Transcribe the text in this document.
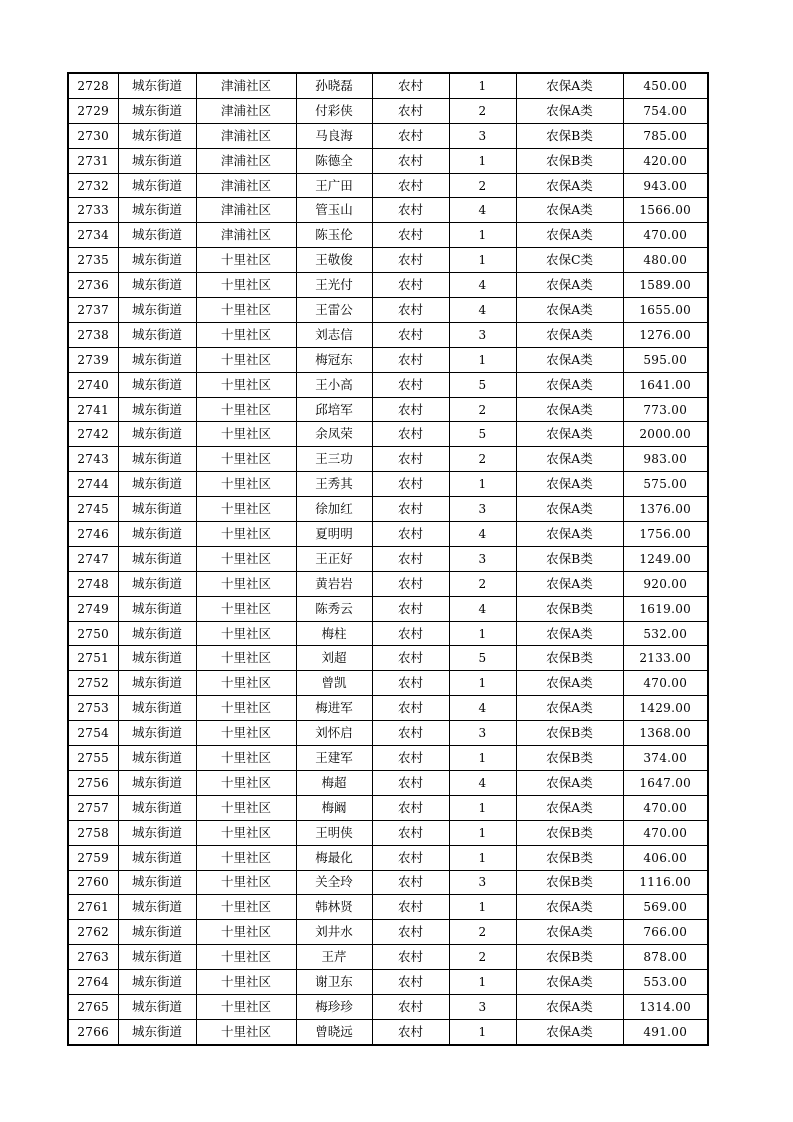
2728	城东街道	津浦社区	孙晓磊	农村	1	农保A类	450.00
2729	城东街道	津浦社区	付彩侠	农村	2	农保A类	754.00
2730	城东街道	津浦社区	马良海	农村	3	农保B类	785.00
2731	城东街道	津浦社区	陈德全	农村	1	农保B类	420.00
2732	城东街道	津浦社区	王广田	农村	2	农保A类	943.00
2733	城东街道	津浦社区	管玉山	农村	4	农保A类	1566.00
2734	城东街道	津浦社区	陈玉伦	农村	1	农保A类	470.00
2735	城东街道	十里社区	王敬俊	农村	1	农保C类	480.00
2736	城东街道	十里社区	王光付	农村	4	农保A类	1589.00
2737	城东街道	十里社区	王雷公	农村	4	农保A类	1655.00
2738	城东街道	十里社区	刘志信	农村	3	农保A类	1276.00
2739	城东街道	十里社区	梅冠东	农村	1	农保A类	595.00
2740	城东街道	十里社区	王小高	农村	5	农保A类	1641.00
2741	城东街道	十里社区	邱培军	农村	2	农保A类	773.00
2742	城东街道	十里社区	余凤荣	农村	5	农保A类	2000.00
2743	城东街道	十里社区	王三功	农村	2	农保A类	983.00
2744	城东街道	十里社区	王秀其	农村	1	农保A类	575.00
2745	城东街道	十里社区	徐加红	农村	3	农保A类	1376.00
2746	城东街道	十里社区	夏明明	农村	4	农保A类	1756.00
2747	城东街道	十里社区	王正好	农村	3	农保B类	1249.00
2748	城东街道	十里社区	黄岩岩	农村	2	农保A类	920.00
2749	城东街道	十里社区	陈秀云	农村	4	农保B类	1619.00
2750	城东街道	十里社区	梅柱	农村	1	农保A类	532.00
2751	城东街道	十里社区	刘超	农村	5	农保B类	2133.00
2752	城东街道	十里社区	曾凯	农村	1	农保A类	470.00
2753	城东街道	十里社区	梅进军	农村	4	农保A类	1429.00
2754	城东街道	十里社区	刘怀启	农村	3	农保B类	1368.00
2755	城东街道	十里社区	王建军	农村	1	农保B类	374.00
2756	城东街道	十里社区	梅超	农村	4	农保A类	1647.00
2757	城东街道	十里社区	梅阚	农村	1	农保A类	470.00
2758	城东街道	十里社区	王明侠	农村	1	农保B类	470.00
2759	城东街道	十里社区	梅最化	农村	1	农保B类	406.00
2760	城东街道	十里社区	关全玲	农村	3	农保B类	1116.00
2761	城东街道	十里社区	韩林贤	农村	1	农保A类	569.00
2762	城东街道	十里社区	刘井水	农村	2	农保A类	766.00
2763	城东街道	十里社区	王芹	农村	2	农保B类	878.00
2764	城东街道	十里社区	谢卫东	农村	1	农保A类	553.00
2765	城东街道	十里社区	梅珍珍	农村	3	农保A类	1314.00
2766	城东街道	十里社区	曾晓远	农村	1	农保A类	491.00
